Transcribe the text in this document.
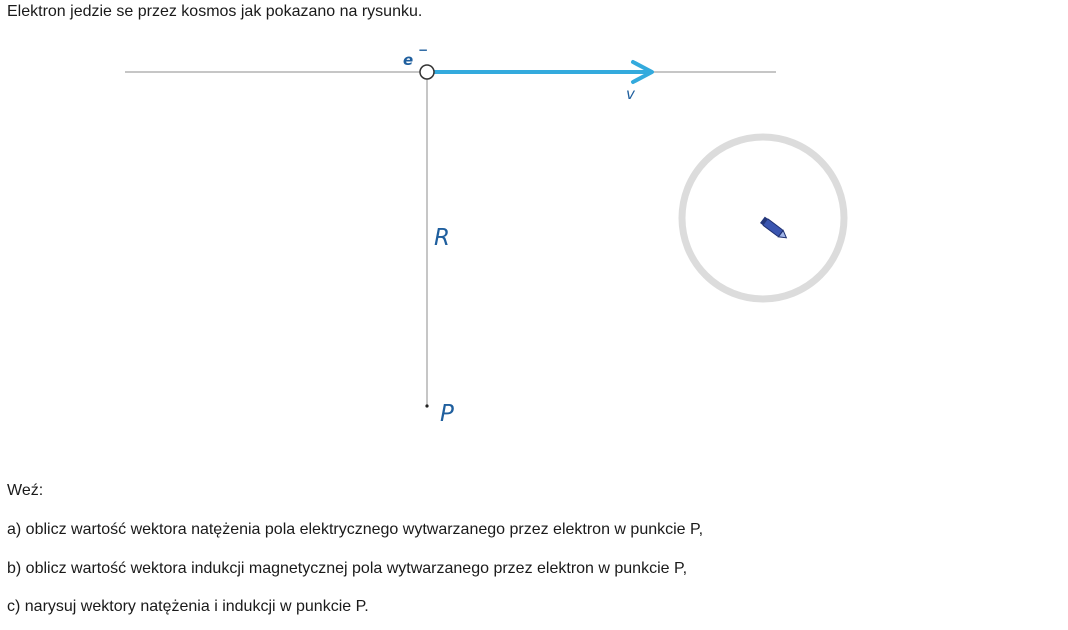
Elektron jedzie se przez kosmos jak pokazano na rysunku.
e
−
v
R
P
Weź:
a) oblicz wartość wektora natężenia pola elektrycznego wytwarzanego przez elektron w punkcie P,
b) oblicz wartość wektora indukcji magnetycznej pola wytwarzanego przez elektron w punkcie P,
c) narysuj wektory natężenia i indukcji w punkcie P.
